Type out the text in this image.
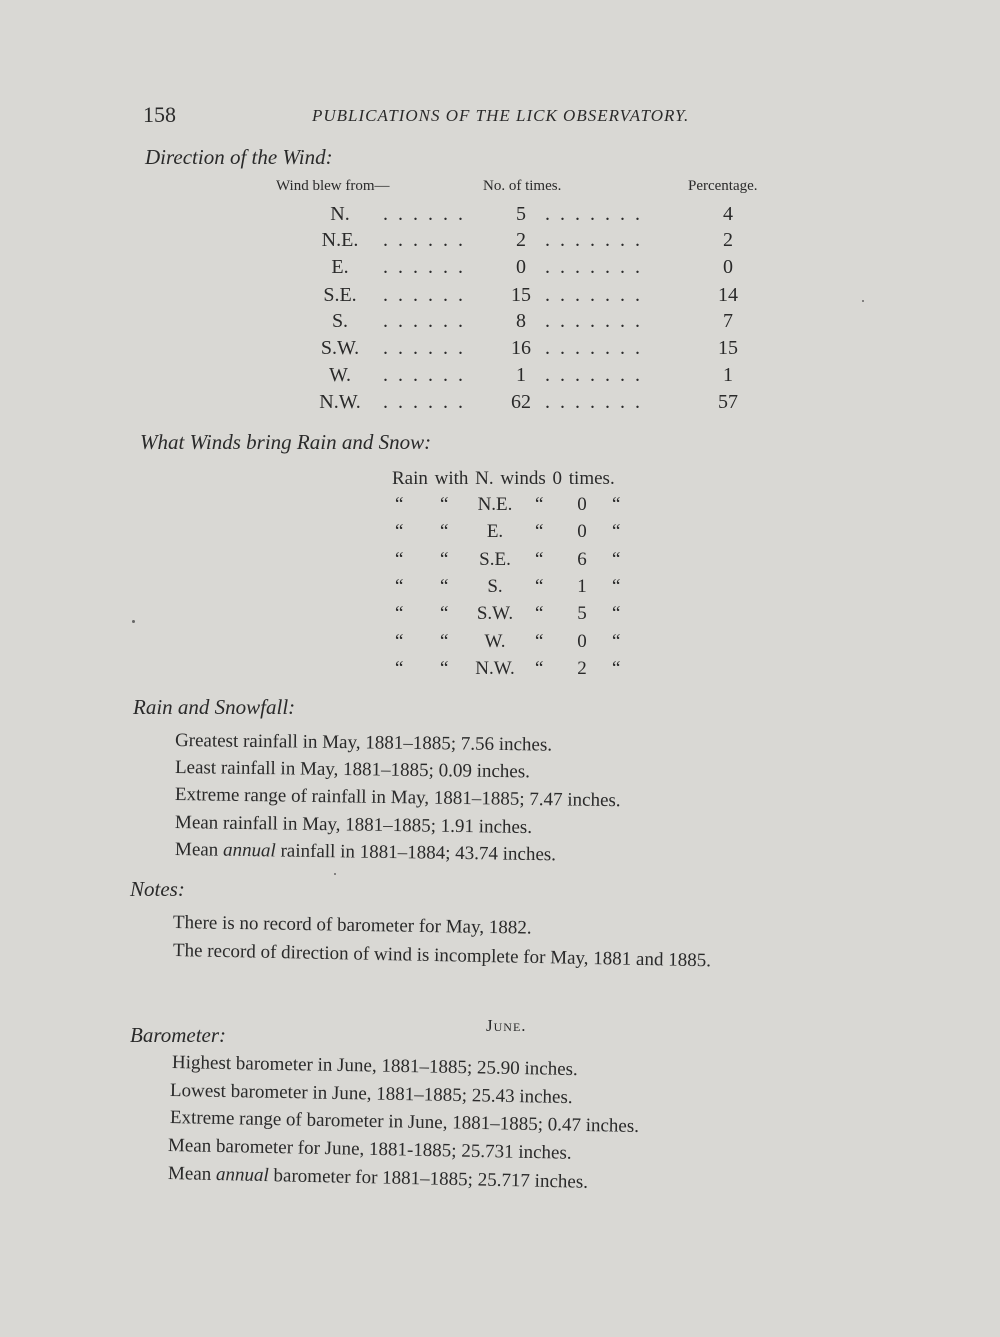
158	PUBLICATIONS OF THE LICK OBSERVATORY.
Direction of the Wind:
Wind blew from—	No. of times.	Percentage.
N.	......	5 .......	4
N.E.	......	2 .......	2
E.	......	0 .......	0
S.E.	......	15 .......	14
S.	......	8 .......	7
S.W.	......	16 .......	15
W.	......	1 .......	1
N.W.	......	62 .......	57
What Winds bring Rain and Snow:
Rain with N. winds 0 times.
“ “	N.E.	“	0	“
“ “	E.	“	0	“
“ “	S.E.	“	6	“
“ “	S.	“	1	“
“ “	S.W.	“	5	“
“ “	W.	“	0	“
“ “	N.W.	“	2	“
Rain and Snowfall:
Greatest rainfall in May, 1881–1885; 7.56 inches.
Least rainfall in May, 1881–1885; 0.09 inches.
Extreme range of rainfall in May, 1881–1885; 7.47 inches.
Mean rainfall in May, 1881–1885; 1.91 inches.
Mean annual rainfall in 1881–1884; 43.74 inches.
Notes:
There is no record of barometer for May, 1882.
The record of direction of wind is incomplete for May, 1881 and 1885.
June.
Barometer:
Highest barometer in June, 1881–1885; 25.90 inches.
Lowest barometer in June, 1881–1885; 25.43 inches.
Extreme range of barometer in June, 1881–1885; 0.47 inches.
Mean barometer for June, 1881-1885; 25.731 inches.
Mean annual barometer for 1881–1885; 25.717 inches.
